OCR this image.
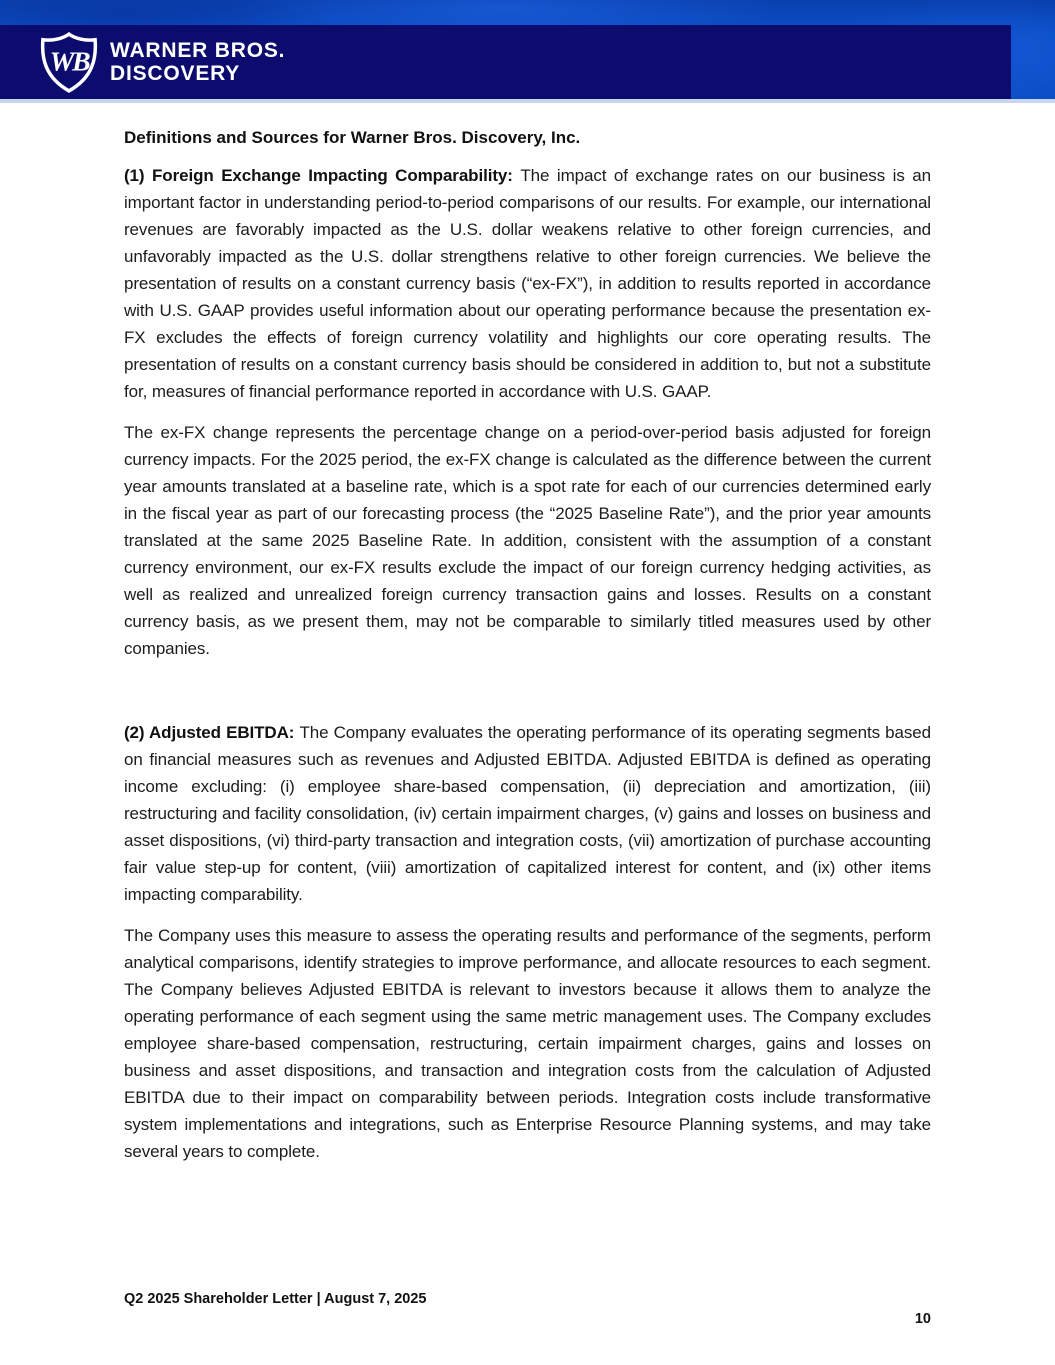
WB WARNER BROS.
DISCOVERY
Definitions and Sources for Warner Bros. Discovery, Inc.

(1) Foreign Exchange Impacting Comparability: The impact of exchange rates on our business is an important factor in understanding period-to-period comparisons of our results. For example, our international revenues are favorably impacted as the U.S. dollar weakens relative to other foreign currencies, and unfavorably impacted as the U.S. dollar strengthens relative to other foreign currencies. We believe the presentation of results on a constant currency basis (“ex-FX”), in addition to results reported in accordance with U.S. GAAP provides useful information about our operating performance because the presentation ex-FX excludes the effects of foreign currency volatility and highlights our core operating results. The presentation of results on a constant currency basis should be considered in addition to, but not a substitute for, measures of financial performance reported in accordance with U.S. GAAP.

The ex-FX change represents the percentage change on a period-over-period basis adjusted for foreign currency impacts. For the 2025 period, the ex-FX change is calculated as the difference between the current year amounts translated at a baseline rate, which is a spot rate for each of our currencies determined early in the fiscal year as part of our forecasting process (the “2025 Baseline Rate”), and the prior year amounts translated at the same 2025 Baseline Rate. In addition, consistent with the assumption of a constant currency environment, our ex-FX results exclude the impact of our foreign currency hedging activities, as well as realized and unrealized foreign currency transaction gains and losses. Results on a constant currency basis, as we present them, may not be comparable to similarly titled measures used by other companies.

(2) Adjusted EBITDA: The Company evaluates the operating performance of its operating segments based on financial measures such as revenues and Adjusted EBITDA. Adjusted EBITDA is defined as operating income excluding: (i) employee share-based compensation, (ii) depreciation and amortization, (iii) restructuring and facility consolidation, (iv) certain impairment charges, (v) gains and losses on business and asset dispositions, (vi) third-party transaction and integration costs, (vii) amortization of purchase accounting fair value step-up for content, (viii) amortization of capitalized interest for content, and (ix) other items impacting comparability.

The Company uses this measure to assess the operating results and performance of the segments, perform analytical comparisons, identify strategies to improve performance, and allocate resources to each segment. The Company believes Adjusted EBITDA is relevant to investors because it allows them to analyze the operating performance of each segment using the same metric management uses. The Company excludes employee share-based compensation, restructuring, certain impairment charges, gains and losses on business and asset dispositions, and transaction and integration costs from the calculation of Adjusted EBITDA due to their impact on comparability between periods. Integration costs include transformative system implementations and integrations, such as Enterprise Resource Planning systems, and may take several years to complete.

Q2 2025 Shareholder Letter | August 7, 2025
10
